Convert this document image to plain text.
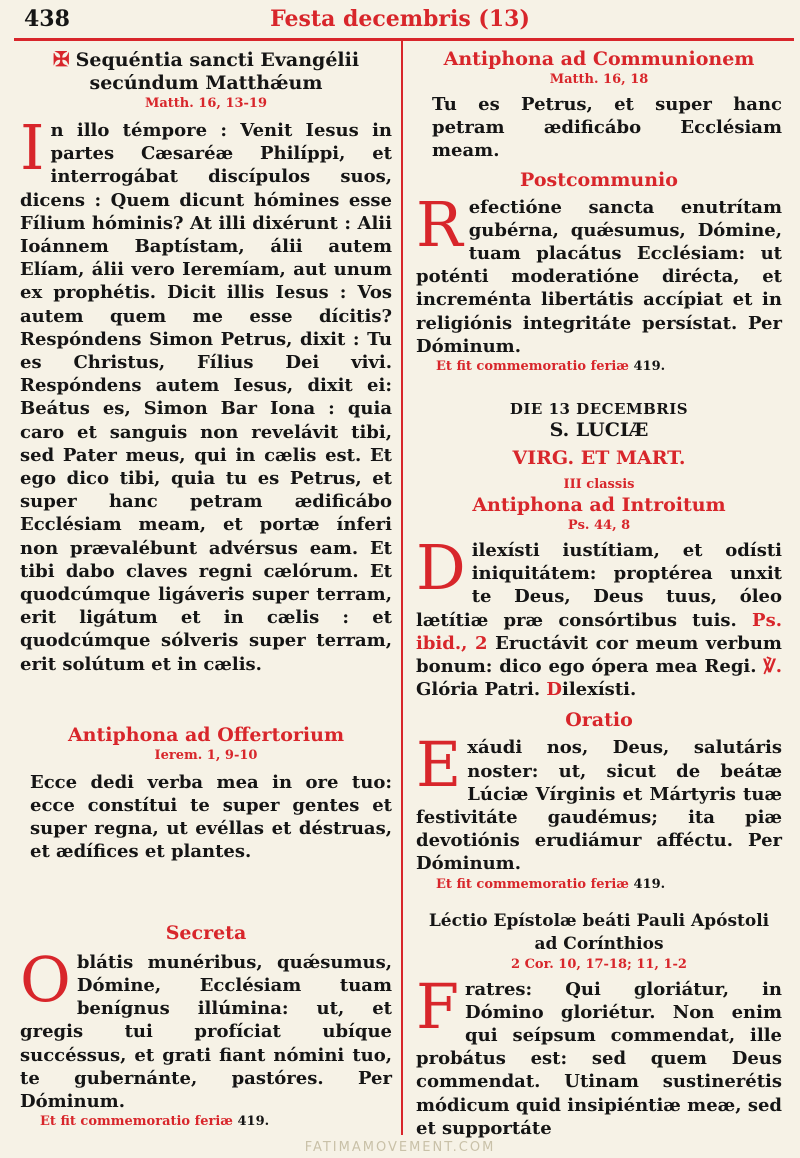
438	Festa decembris (13)
✠ Sequéntia sancti Evangélii
secúndum Matthǽum
Matth. 16, 13-19
In illo témpore : Venit Iesus in partes Cæsaréæ Philíppi, et interrogábat discípulos suos, dicens : Quem dicunt hómines esse Fílium hóminis? At illi dixérunt : Alii Ioánnem Baptístam, álii autem Elíam, álii vero Ieremíam, aut unum ex prophétis. Dicit illis Iesus : Vos autem quem me esse dícitis? Respóndens Simon Petrus, dixit : Tu es Christus, Fílius Dei vivi. Respóndens autem Iesus, dixit ei: Beátus es, Simon Bar Iona : quia caro et sanguis non revelávit tibi, sed Pater meus, qui in cælis est. Et ego dico tibi, quia tu es Petrus, et super hanc petram ædificábo Ecclésiam meam, et portæ ínferi non prævalébunt advérsus eam. Et tibi dabo claves regni cælórum. Et quodcúmque ligáveris super terram, erit ligátum et in cælis : et quodcúmque sólveris super terram, erit solútum et in cælis.
Antiphona ad Offertorium
Ierem. 1, 9-10
Ecce dedi verba mea in ore tuo: ecce constítui te super gentes et super regna, ut evéllas et déstruas, et ædífices et plantes.
Secreta
Oblátis munéribus, quǽsumus, Dómine, Ecclésiam tuam benígnus illúmina: ut, et gregis tui profíciat ubíque succéssus, et grati fiant nómini tuo, te gubernánte, pastóres. Per Dóminum.
Et fit commemoratio feriæ 419.
Antiphona ad Communionem
Matth. 16, 18
Tu es Petrus, et super hanc petram ædificábo Ecclésiam meam.
Postcommunio
Refectióne sancta enutrítam gubérna, quǽsumus, Dómine, tuam placátus Ecclésiam: ut poténti moderatióne dirécta, et increménta libertátis accípiat et in religiónis integritáte persístat. Per Dóminum.
Et fit commemoratio feriæ 419.
DIE 13 DECEMBRIS
S. LUCIÆ
VIRG. ET MART.
III classis
Antiphona ad Introitum
Ps. 44, 8
Dilexísti iustítiam, et odísti iniquitátem: proptérea unxit te Deus, Deus tuus, óleo lætítiæ præ consórtibus tuis. Ps. ibid., 2 Eructávit cor meum verbum bonum: dico ego ópera mea Regi. ℣. Glória Patri. Dilexísti.
Oratio
Exáudi nos, Deus, salutáris noster: ut, sicut de beátæ Lúciæ Vírginis et Mártyris tuæ festivitáte gaudémus; ita piæ devotiónis erudiámur afféctu. Per Dóminum.
Et fit commemoratio feriæ 419.
Léctio Epístolæ beáti Pauli Apóstoli
ad Corínthios
2 Cor. 10, 17-18; 11, 1-2
Fratres: Qui gloriátur, in Dómino gloriétur. Non enim qui seípsum commendat, ille probátus est: sed quem Deus commendat. Utinam sustinerétis módicum quid insipiéntiæ meæ, sed et supportáte
FATIMAMOVEMENT.COM
